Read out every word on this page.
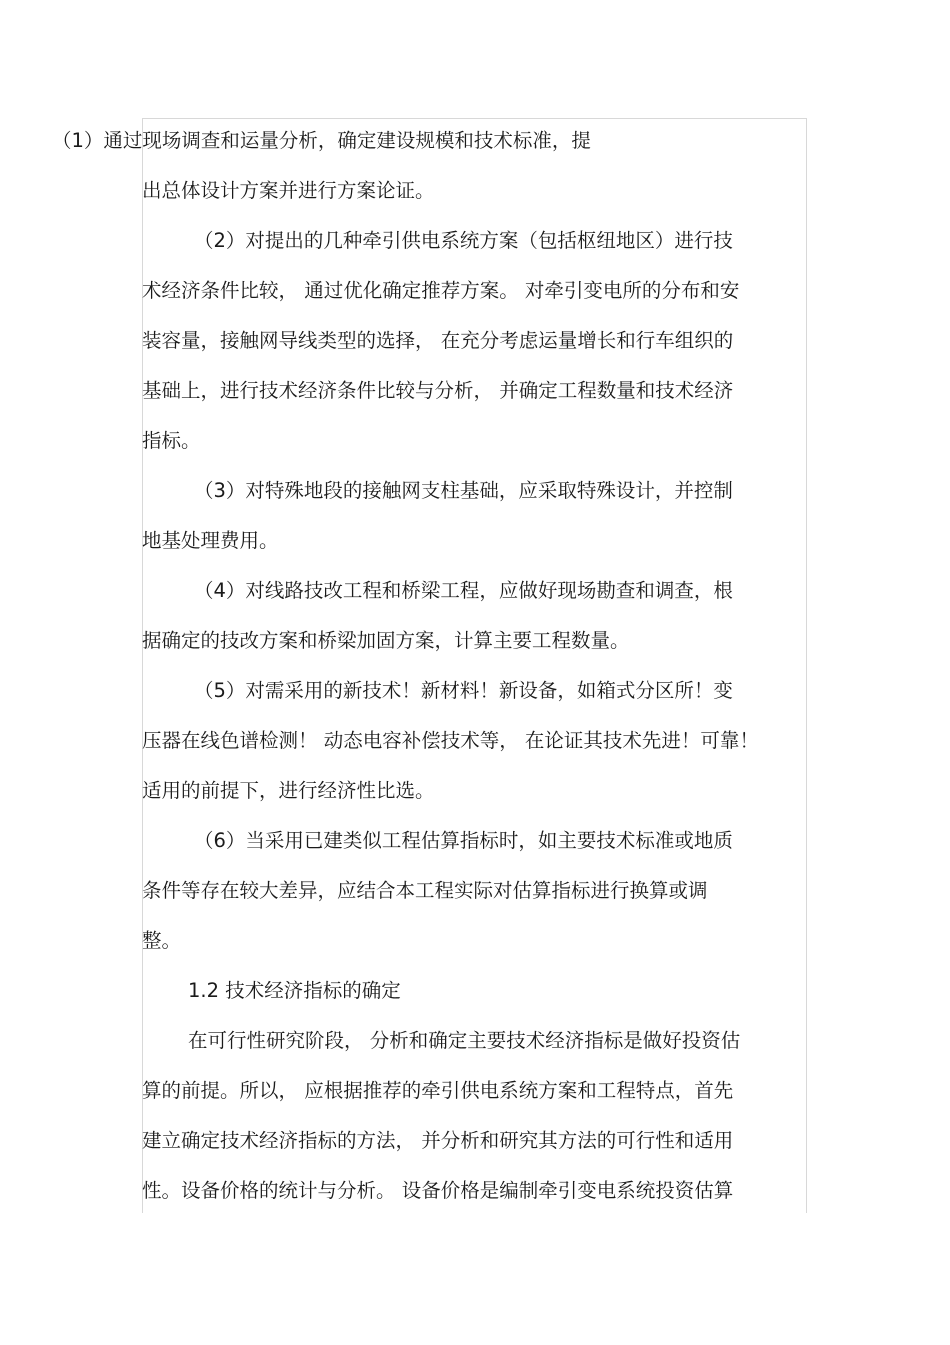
（1）通过现场调查和运量分析，确定建设规模和技术标准，提
出总体设计方案并进行方案论证。
（2）对提出的几种牵引供电系统方案（包括枢纽地区）进行技
术经济条件比较， 通过优化确定推荐方案。 对牵引变电所的分布和安
装容量，接触网导线类型的选择， 在充分考虑运量增长和行车组织的
基础上，进行技术经济条件比较与分析， 并确定工程数量和技术经济
指标。
（3）对特殊地段的接触网支柱基础，应采取特殊设计，并控制
地基处理费用。
（4）对线路技改工程和桥梁工程，应做好现场勘查和调查，根
据确定的技改方案和桥梁加固方案，计算主要工程数量。
（5）对需采用的新技术！新材料！新设备，如箱式分区所！变
压器在线色谱检测！ 动态电容补偿技术等， 在论证其技术先进！可靠！
适用的前提下，进行经济性比选。
（6）当采用已建类似工程估算指标时，如主要技术标准或地质
条件等存在较大差异，应结合本工程实际对估算指标进行换算或调
整。
1.2 技术经济指标的确定
在可行性研究阶段， 分析和确定主要技术经济指标是做好投资估
算的前提。所以， 应根据推荐的牵引供电系统方案和工程特点，首先
建立确定技术经济指标的方法， 并分析和研究其方法的可行性和适用
性。设备价格的统计与分析。 设备价格是编制牵引变电系统投资估算
